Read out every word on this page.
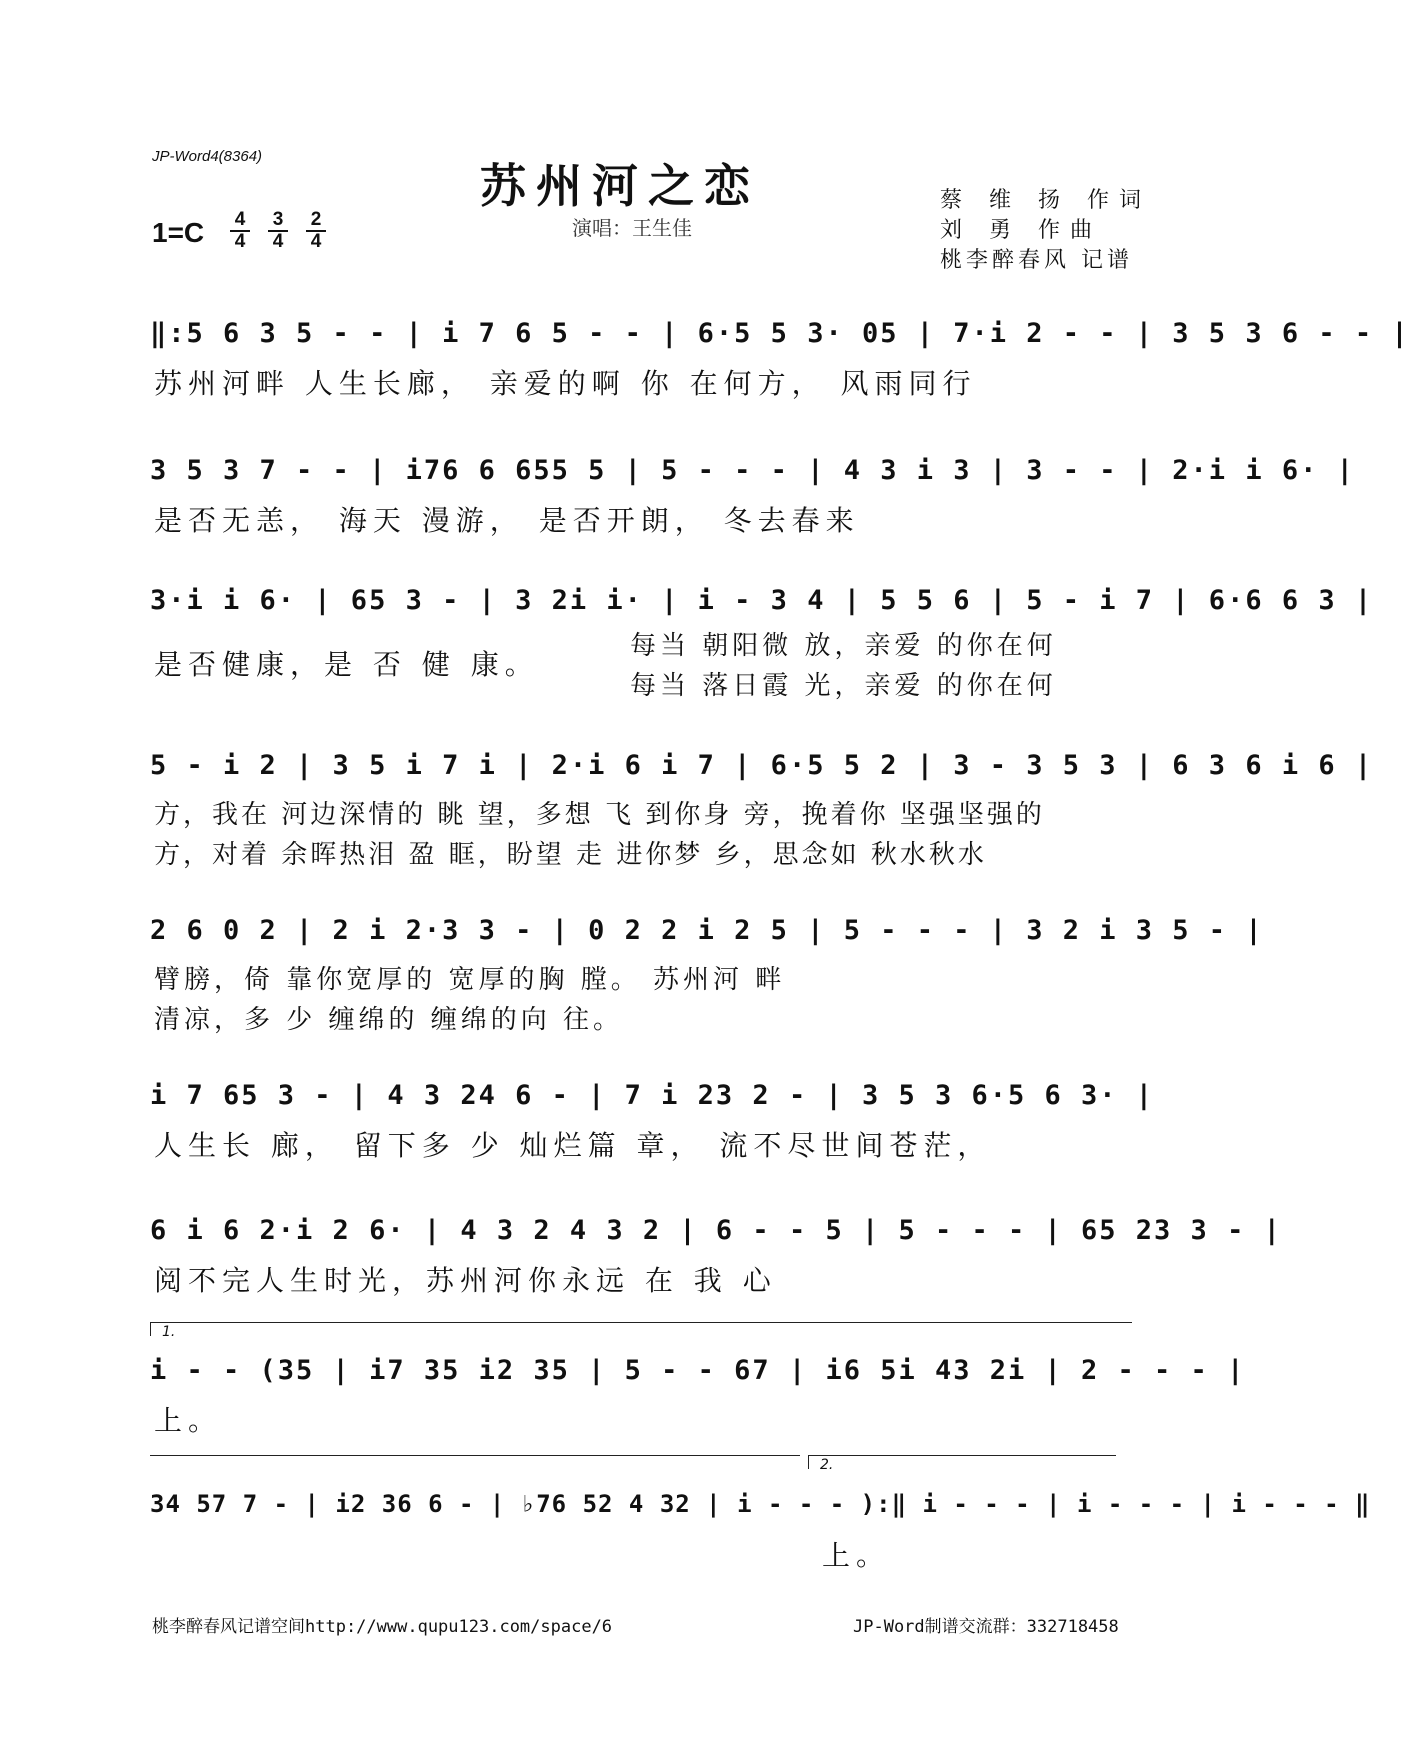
JP-Word4(8364)
苏州河之恋
演唱：王生佳
蔡 维 扬 作词
刘 勇 作曲
桃李醉春风 记谱
1=C 4
4
3
4
2
4
‖:5 6 3 5 - - | i 7 6 5 - - | 6·5 5 3· 05 | 7·i 2 - - | 3 5 3 6 - - |
苏州河畔 人生长廊， 亲爱的啊 你 在何方， 风雨同行
3 5 3 7 - - | i76 6 655 5 | 5 - - - | 4 3 i 3 | 3 - - | 2·i i 6· |
是否无恙， 海天 漫游， 是否开朗， 冬去春来
3·i i 6· | 65 3 - | 3 2i i· | i - 3 4 | 5 5 6 | 5 - i 7 | 6·6 6 3 |
是否健康，是 否 健 康。
每当 朝阳微 放，亲爱 的你在何
每当 落日霞 光，亲爱 的你在何
5 - i 2 | 3 5 i 7 i | 2·i 6 i 7 | 6·5 5 2 | 3 - 3 5 3 | 6 3 6 i 6 |
方，我在 河边深情的 眺 望，多想 飞 到你身 旁，挽着你 坚强坚强的
方，对着 余晖热泪 盈 眶，盼望 走 进你梦 乡，思念如 秋水秋水
2 6 0 2 | 2 i 2·3 3 - | 0 2 2 i 2 5 | 5 - - - | 3 2 i 3 5 - |
臂膀，倚 靠你宽厚的 宽厚的胸 膛。 苏州河 畔
清凉，多 少 缠绵的 缠绵的向 往。
i 7 65 3 - | 4 3 24 6 - | 7 i 23 2 - | 3 5 3 6·5 6 3· |
人生长 廊， 留下多 少 灿烂篇 章， 流不尽世间苍茫，
6 i 6 2·i 2 6· | 4 3 2 4 3 2 | 6 - - 5 | 5 - - - | 65 23 3 - |
阅不完人生时光，苏州河你永远 在 我 心
1.
i - - (35 | i7 35 i2 35 | 5 - - 67 | i6 5i 43 2i | 2 - - - |
上。
2.
34 57 7 - | i2 36 6 - | ♭76 52 4 32 | i - - - ):‖ i - - - | i - - - | i - - - ‖
上。
桃李醉春风记谱空间http://www.qupu123.com/space/6	JP-Word制谱交流群：332718458
